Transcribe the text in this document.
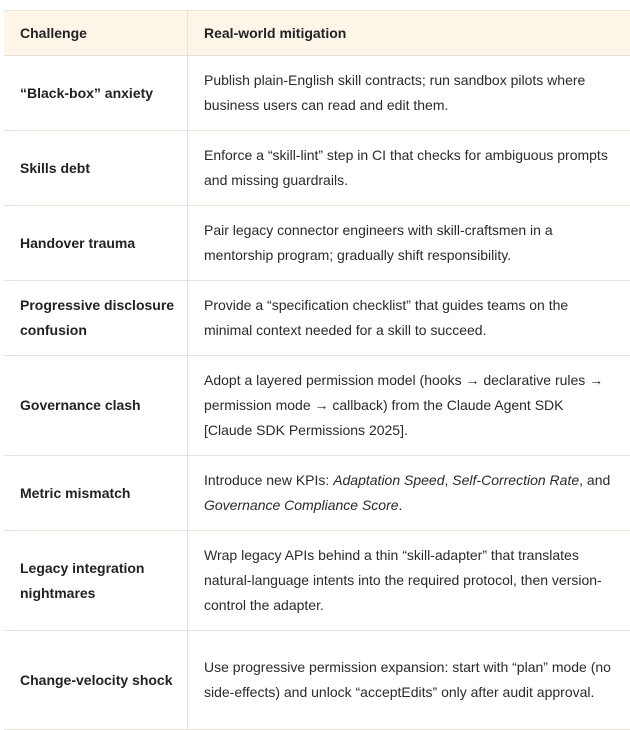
Challenge	Real-world mitigation
“Black-box” anxiety	Publish plain-English skill contracts; run sandbox pilots where business users can read and edit them.
Skills debt	Enforce a “skill-lint” step in CI that checks for ambiguous prompts and missing guardrails.
Handover trauma	Pair legacy connector engineers with skill-craftsmen in a mentorship program; gradually shift responsibility.
Progressive disclosure confusion	Provide a “specification checklist” that guides teams on the minimal context needed for a skill to succeed.
Governance clash	Adopt a layered permission model (hooks → declarative rules → permission mode → callback) from the Claude Agent SDK [Claude SDK Permissions 2025].
Metric mismatch	Introduce new KPIs: Adaptation Speed, Self-Correction Rate, and Governance Compliance Score.
Legacy integration nightmares	Wrap legacy APIs behind a thin “skill-adapter” that translates natural-language intents into the required protocol, then version-control the adapter.
Change-velocity shock	Use progressive permission expansion: start with “plan” mode (no side-effects) and unlock “acceptEdits” only after audit approval.
